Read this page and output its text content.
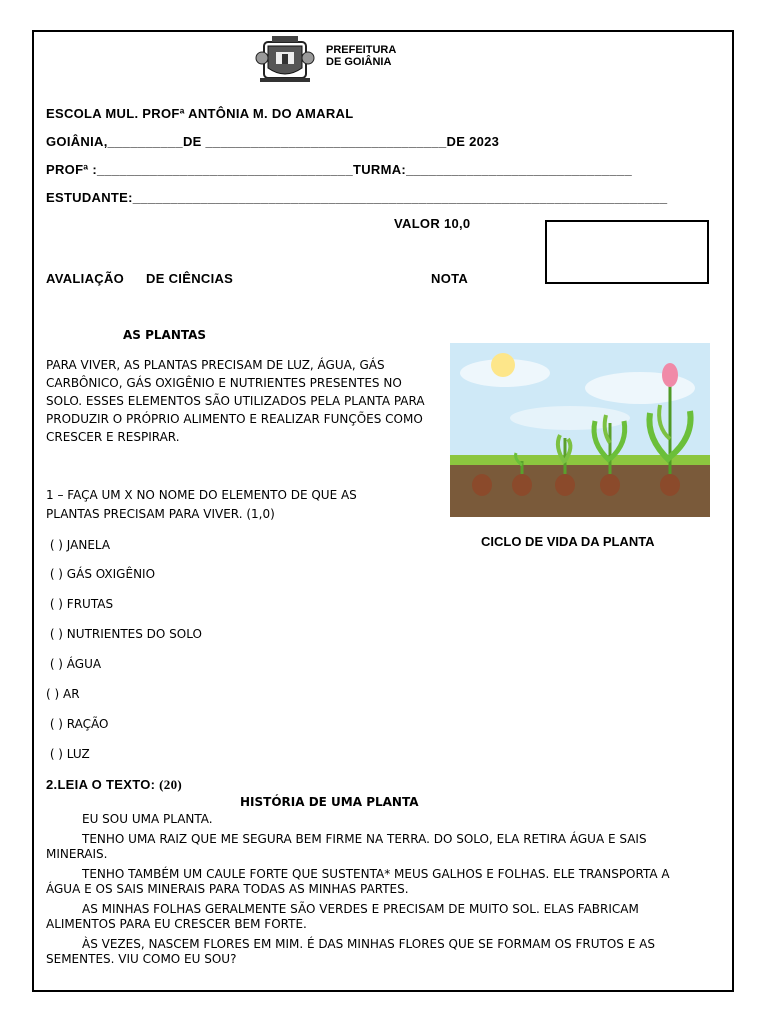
PREFEITURA
DE GOIÂNIA
ESCOLA MUL. PROFª ANTÔNIA M. DO AMARAL
GOIÂNIA,__________DE ________________________________DE 2023
PROFª :__________________________________TURMA:______________________________
ESTUDANTE:_______________________________________________________________________
VALOR 10,0
AVALIAÇÃO DE CIÊNCIAS	NOTA
AS PLANTAS
PARA VIVER, AS PLANTAS PRECISAM DE LUZ, ÁGUA, GÁS CARBÔNICO, GÁS OXIGÊNIO E NUTRIENTES PRESENTES NO SOLO. ESSES ELEMENTOS SÃO UTILIZADOS PELA PLANTA PARA PRODUZIR O PRÓPRIO ALIMENTO E REALIZAR FUNÇÕES COMO CRESCER E RESPIRAR.
CICLO DE VIDA DA PLANTA
1 – FAÇA UM X NO NOME DO ELEMENTO DE QUE AS
PLANTAS PRECISAM PARA VIVER. (1,0)
( ) JANELA
( ) GÁS OXIGÊNIO
( ) FRUTAS
( ) NUTRIENTES DO SOLO
( ) ÁGUA
( ) AR
( ) RAÇÃO
( ) LUZ
2.LEIA O TEXTO: (20)
HISTÓRIA DE UMA PLANTA

EU SOU UMA PLANTA.

TENHO UMA RAIZ QUE ME SEGURA BEM FIRME NA TERRA. DO SOLO, ELA RETIRA ÁGUA E SAIS MINERAIS.

TENHO TAMBÉM UM CAULE FORTE QUE SUSTENTA* MEUS GALHOS E FOLHAS. ELE TRANSPORTA A ÁGUA E OS SAIS MINERAIS PARA TODAS AS MINHAS PARTES.

AS MINHAS FOLHAS GERALMENTE SÃO VERDES E PRECISAM DE MUITO SOL. ELAS FABRICAM ALIMENTOS PARA EU CRESCER BEM FORTE.

ÀS VEZES, NASCEM FLORES EM MIM. É DAS MINHAS FLORES QUE SE FORMAM OS FRUTOS E AS SEMENTES. VIU COMO EU SOU?
